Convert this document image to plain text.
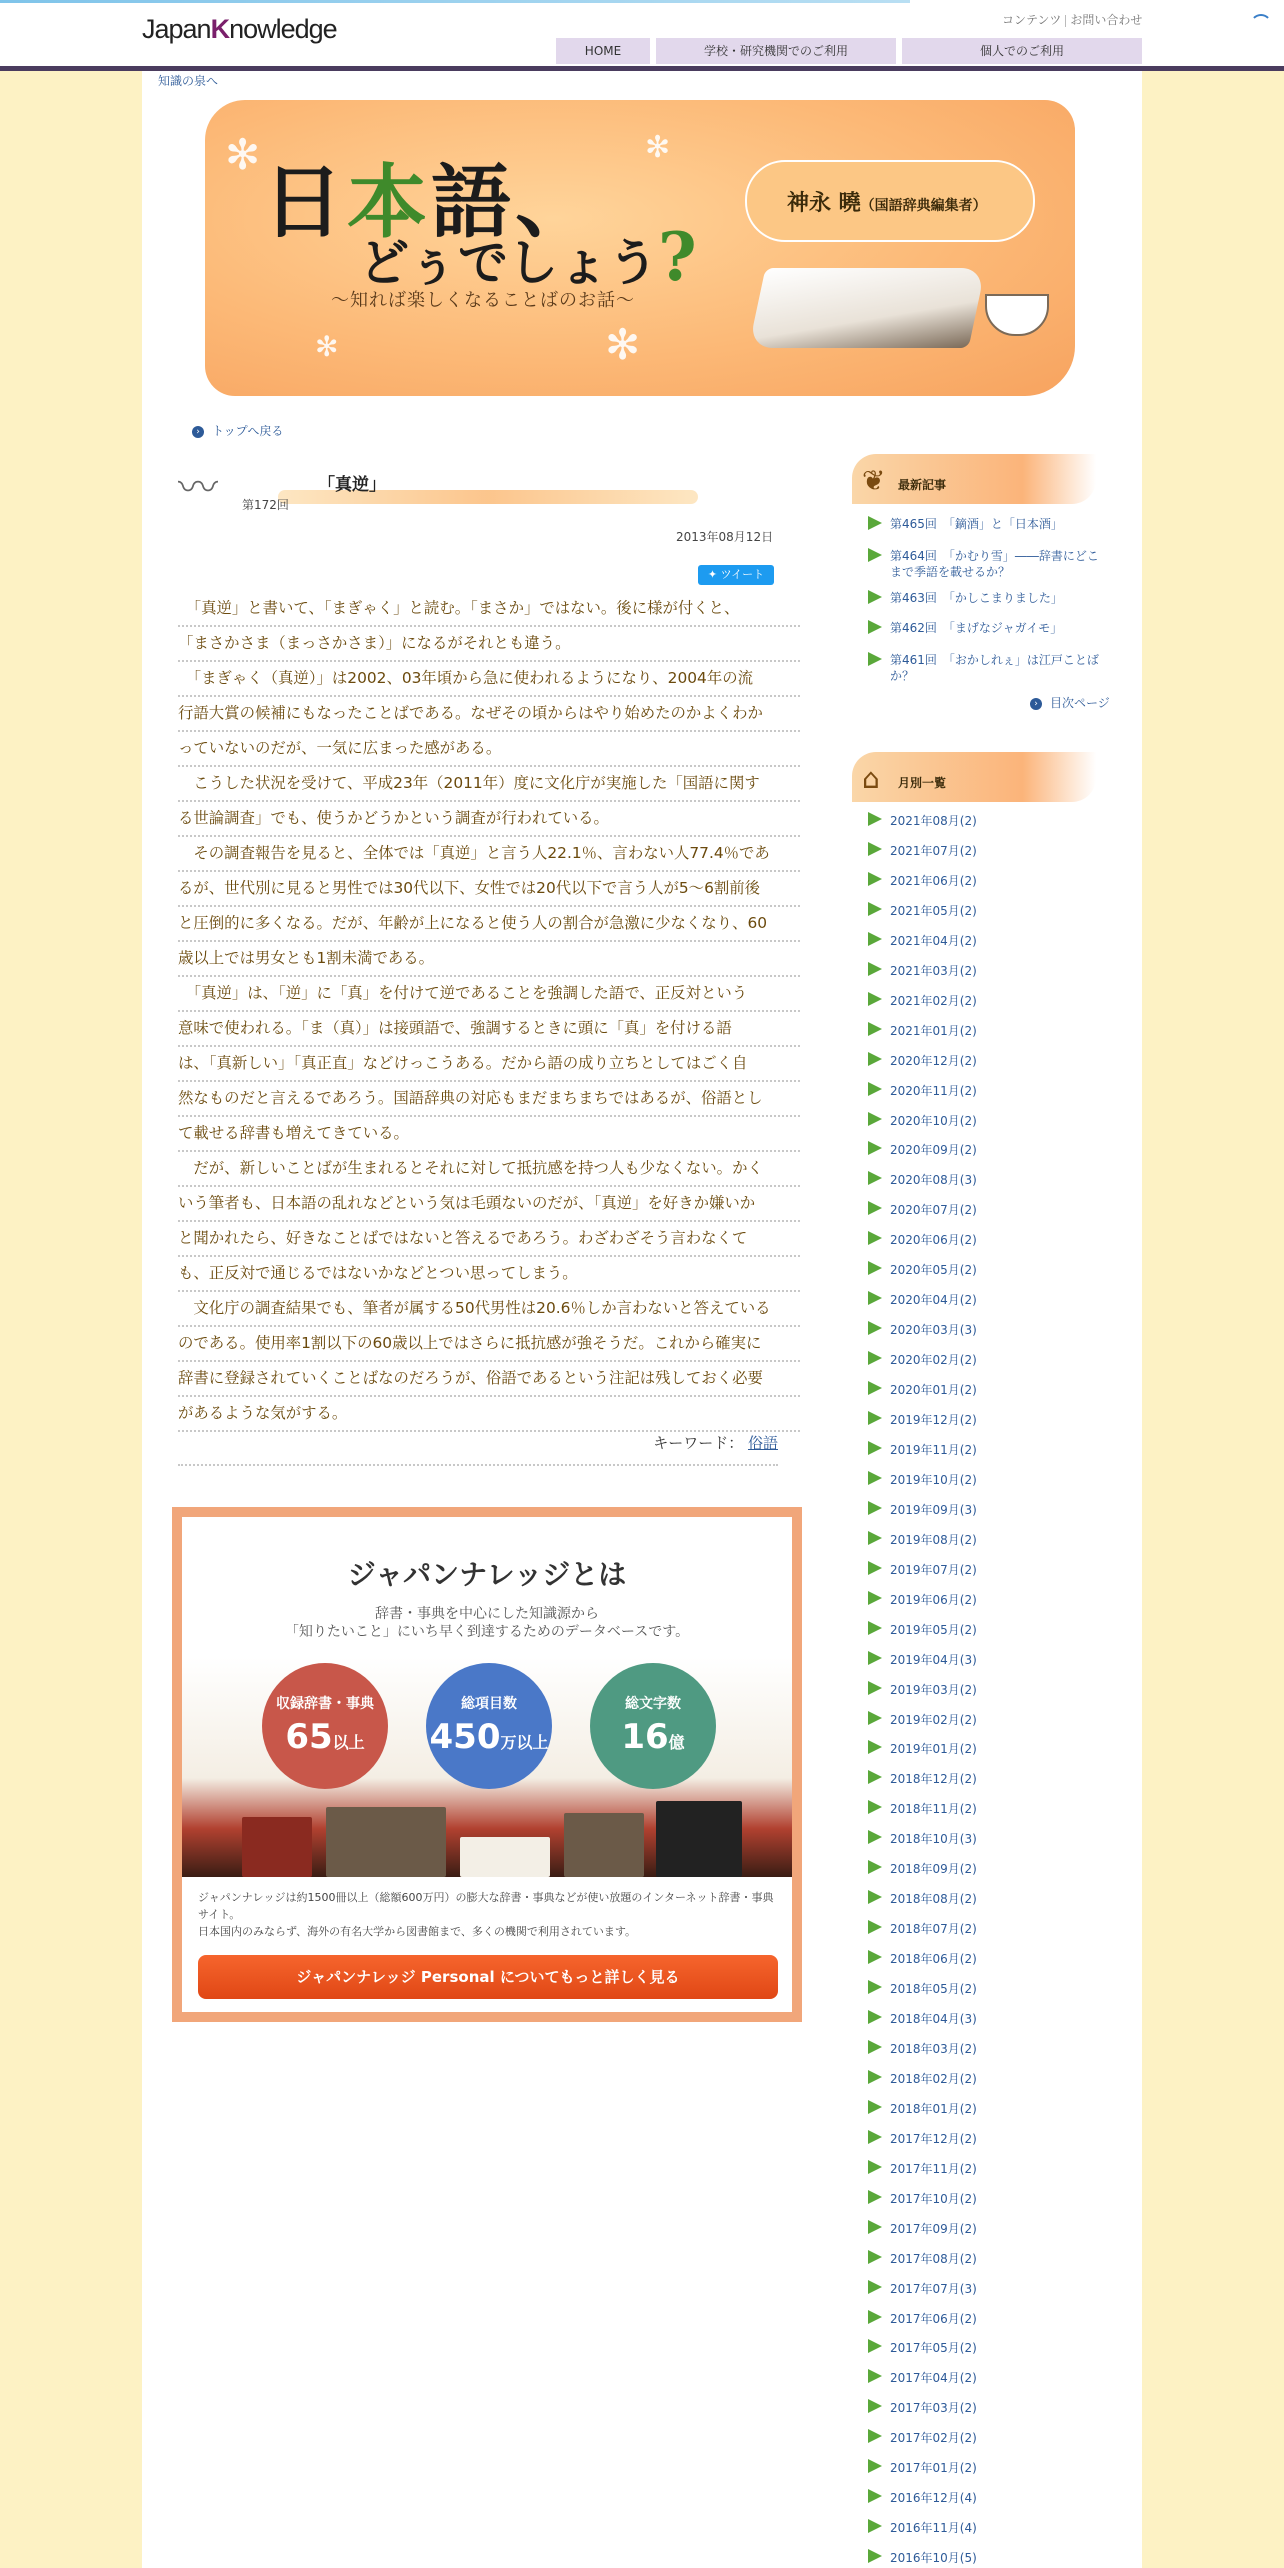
JapanKnowledge	コンテンツ お問い合わせ
HOME	学校・研究機関でのご利用	個人でのご利用
知識の泉へ
✻
✻
✻
✻
日本語、
どぅでしょう?
〜知れば楽しくなることばのお話〜
神永 曉（国語辞典編集者）
› トップへ戻る
〰	「真逆」
第172回
2013年08月12日
✦ ツイート
　「真逆」と書いて、「まぎゃく」と読む。「まさか」ではない。後に様が付くと、
「まさかさま（まっさかさま）」になるがそれとも違う。
　「まぎゃく（真逆）」は2002、03年頃から急に使われるようになり、2004年の流
行語大賞の候補にもなったことばである。なぜその頃からはやり始めたのかよくわか
っていないのだが、一気に広まった感がある。
　こうした状況を受けて、平成23年（2011年）度に文化庁が実施した「国語に関す
る世論調査」でも、使うかどうかという調査が行われている。
　その調査報告を見ると、全体では「真逆」と言う人22.1％、言わない人77.4％であ
るが、世代別に見ると男性では30代以下、女性では20代以下で言う人が5～6割前後
と圧倒的に多くなる。だが、年齢が上になると使う人の割合が急激に少なくなり、60
歳以上では男女とも1割未満である。
　「真逆」は、「逆」に「真」を付けて逆であることを強調した語で、正反対という
意味で使われる。「ま（真）」は接頭語で、強調するときに頭に「真」を付ける語
は、「真新しい」「真正直」などけっこうある。だから語の成り立ちとしてはごく自
然なものだと言えるであろう。国語辞典の対応もまだまちまちではあるが、俗語とし
て載せる辞書も増えてきている。
　だが、新しいことばが生まれるとそれに対して抵抗感を持つ人も少なくない。かく
いう筆者も、日本語の乱れなどという気は毛頭ないのだが、「真逆」を好きか嫌いか
と聞かれたら、好きなことばではないと答えるであろう。わざわざそう言わなくて
も、正反対で通じるではないかなどとつい思ってしまう。
　文化庁の調査結果でも、筆者が属する50代男性は20.6％しか言わないと答えている
のである。使用率1割以下の60歳以上ではさらに抵抗感が強そうだ。これから確実に
辞書に登録されていくことばなのだろうが、俗語であるという注記は残しておく必要
があるような気がする。
キーワード： 俗語
ジャパンナレッジとは
辞書・事典を中心にした知識源から
「知りたいこと」にいち早く到達するためのデータベースです。
収録辞書・事典
65以上
総項目数
450万以上
総文字数
16億
ジャパンナレッジは約1500冊以上（総額600万円）の膨大な辞書・事典などが使い放題のインターネット辞書・事典サイト。
日本国内のみならず、海外の有名大学から図書館まで、多くの機関で利用されています。
ジャパンナレッジ Personal についてもっと詳しく見る
❦ 最新記事
第465回　「鏑酒」と「日本酒」
第464回　「かむり雪」――辞書にどこまで季語を載せるか？
第463回　「かしこまりました」
第462回　「まげなジャガイモ」
第461回　「おかしれぇ」は江戸ことばか？
› 目次ページ
⌂ 月別一覧
2021年08月(2)
2021年07月(2)
2021年06月(2)
2021年05月(2)
2021年04月(2)
2021年03月(2)
2021年02月(2)
2021年01月(2)
2020年12月(2)
2020年11月(2)
2020年10月(2)
2020年09月(2)
2020年08月(3)
2020年07月(2)
2020年06月(2)
2020年05月(2)
2020年04月(2)
2020年03月(3)
2020年02月(2)
2020年01月(2)
2019年12月(2)
2019年11月(2)
2019年10月(2)
2019年09月(3)
2019年08月(2)
2019年07月(2)
2019年06月(2)
2019年05月(2)
2019年04月(3)
2019年03月(2)
2019年02月(2)
2019年01月(2)
2018年12月(2)
2018年11月(2)
2018年10月(3)
2018年09月(2)
2018年08月(2)
2018年07月(2)
2018年06月(2)
2018年05月(2)
2018年04月(3)
2018年03月(2)
2018年02月(2)
2018年01月(2)
2017年12月(2)
2017年11月(2)
2017年10月(2)
2017年09月(2)
2017年08月(2)
2017年07月(3)
2017年06月(2)
2017年05月(2)
2017年04月(2)
2017年03月(2)
2017年02月(2)
2017年01月(2)
2016年12月(4)
2016年11月(4)
2016年10月(5)
